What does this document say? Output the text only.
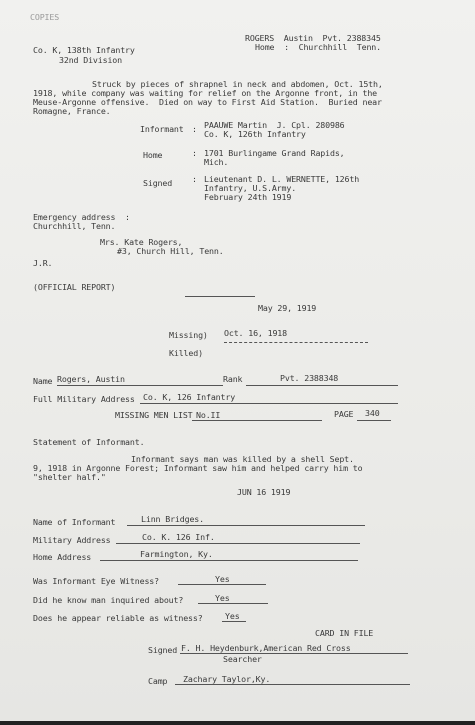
COPIES
ROGERS  Austin  Pvt. 2388345
Home  :  Churchhill  Tenn.
Co. K, 138th Infantry
32nd Division
Struck by pieces of shrapnel in neck and abdomen, Oct. 15th,
1918, while company was waiting for relief on the Argonne front, in the
Meuse-Argonne offensive.  Died on way to First Aid Station.  Buried near
Romagne, France.
Informant : PAAUWE Martin  J. Cpl. 280986
Co. K, 126th Infantry
Home	: 1701 Burlingame Grand Rapids,
Mich.
Signed : Lieutenant D. L. WERNETTE, 126th
Infantry, U.S.Army.
February 24th 1919
Emergency address  :
Churchhill, Tenn.
Mrs. Kate Rogers,
#3, Church Hill, Tenn.
J.R.
(OFFICIAL REPORT)
May 29, 1919
Missing) Oct. 16, 1918
Killed)
Name Rogers, Austin	Rank	Pvt. 2388348
Full Military Address Co. K, 126 Infantry
MISSING MEN LIST No.II	PAGE 340
Statement of Informant.
Informant says man was killed by a shell Sept.
9, 1918 in Argonne Forest; Informant saw him and helped carry him to
"shelter half."
JUN 16 1919
Name of Informant	Linn Bridges.
Military Address	Co. K. 126 Inf.
Home Address	Farmington, Ky.
Was Informant Eye Witness?	Yes
Did he know man inquired about?	Yes
Does he appear reliable as witness?	Yes
CARD IN FILE
Signed F. H. Heydenburk,American Red Cross
Searcher
Camp Zachary Taylor,Ky.
